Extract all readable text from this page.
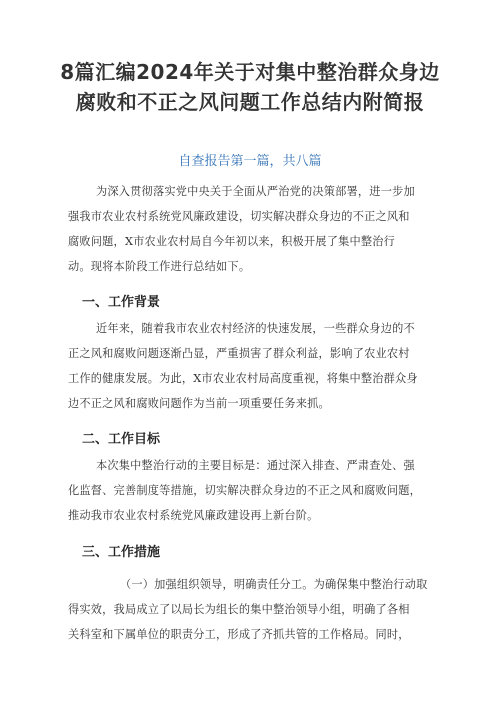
8篇汇编2024年关于对集中整治群众身边
腐败和不正之风问题工作总结内附简报

自查报告第一篇，共八篇

为深入贯彻落实党中央关于全面从严治党的决策部署，进一步加
强我市农业农村系统党风廉政建设，切实解决群众身边的不正之风和
腐败问题，X市农业农村局自今年初以来，积极开展了集中整治行
动。现将本阶段工作进行总结如下。
一、工作背景
近年来，随着我市农业农村经济的快速发展，一些群众身边的不
正之风和腐败问题逐渐凸显，严重损害了群众利益，影响了农业农村
工作的健康发展。为此，X市农业农村局高度重视，将集中整治群众身
边不正之风和腐败问题作为当前一项重要任务来抓。
二、工作目标
本次集中整治行动的主要目标是：通过深入排查、严肃查处、强
化监督、完善制度等措施，切实解决群众身边的不正之风和腐败问题，
推动我市农业农村系统党风廉政建设再上新台阶。
三、工作措施
（一）加强组织领导，明确责任分工。为确保集中整治行动取
得实效，我局成立了以局长为组长的集中整治领导小组，明确了各相
关科室和下属单位的职责分工，形成了齐抓共管的工作格局。同时，
